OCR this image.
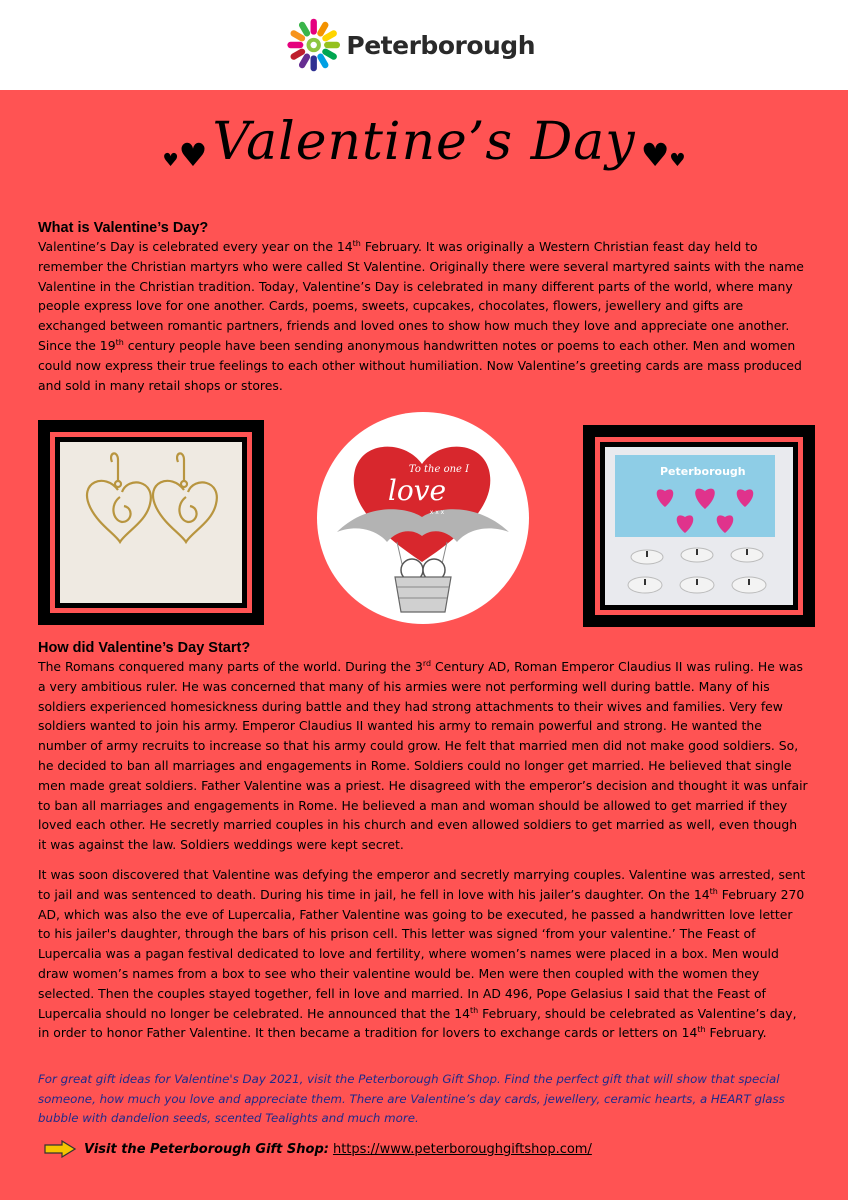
Peterborough
♥♥ Valentine’s Day ♥♥
What is Valentine’s Day?
Valentine’s Day is celebrated every year on the 14th February. It was originally a Western Christian feast day held to remember the Christian martyrs who were called St Valentine. Originally there were several martyred saints with the name Valentine in the Christian tradition. Today, Valentine’s Day is celebrated in many different parts of the world, where many people express love for one another. Cards, poems, sweets, cupcakes, chocolates, flowers, jewellery and gifts are exchanged between romantic partners, friends and loved ones to show how much they love and appreciate one another. Since the 19th century people have been sending anonymous handwritten notes or poems to each other. Men and women could now express their true feelings to each other without humiliation. Now Valentine’s greeting cards are mass produced and sold in many retail shops or stores.
To the one I
love
x x x
Peterborough
How did Valentine’s Day Start?
The Romans conquered many parts of the world. During the 3rd Century AD, Roman Emperor Claudius II was ruling. He was a very ambitious ruler. He was concerned that many of his armies were not performing well during battle. Many of his soldiers experienced homesickness during battle and they had strong attachments to their wives and families. Very few soldiers wanted to join his army. Emperor Claudius II wanted his army to remain powerful and strong. He wanted the number of army recruits to increase so that his army could grow. He felt that married men did not make good soldiers. So, he decided to ban all marriages and engagements in Rome. Soldiers could no longer get married. He believed that single men made great soldiers. Father Valentine was a priest. He disagreed with the emperor’s decision and thought it was unfair to ban all marriages and engagements in Rome. He believed a man and woman should be allowed to get married if they loved each other. He secretly married couples in his church and even allowed soldiers to get married as well, even though it was against the law. Soldiers weddings were kept secret.
It was soon discovered that Valentine was defying the emperor and secretly marrying couples. Valentine was arrested, sent to jail and was sentenced to death. During his time in jail, he fell in love with his jailer’s daughter. On the 14th February 270 AD, which was also the eve of Lupercalia, Father Valentine was going to be executed, he passed a handwritten love letter to his jailer's daughter, through the bars of his prison cell. This letter was signed ‘from your valentine.’ The Feast of Lupercalia was a pagan festival dedicated to love and fertility, where women’s names were placed in a box. Men would draw women’s names from a box to see who their valentine would be. Men were then coupled with the women they selected. Then the couples stayed together, fell in love and married. In AD 496, Pope Gelasius I said that the Feast of Lupercalia should no longer be celebrated. He announced that the 14th February, should be celebrated as Valentine’s day, in order to honor Father Valentine. It then became a tradition for lovers to exchange cards or letters on 14th February.
For great gift ideas for Valentine's Day 2021, visit the Peterborough Gift Shop. Find the perfect gift that will show that special someone, how much you love and appreciate them. There are Valentine’s day cards, jewellery, ceramic hearts, a HEART glass bubble with dandelion seeds, scented Tealights and much more.
Visit the Peterborough Gift Shop: https://www.peterboroughgiftshop.com/
